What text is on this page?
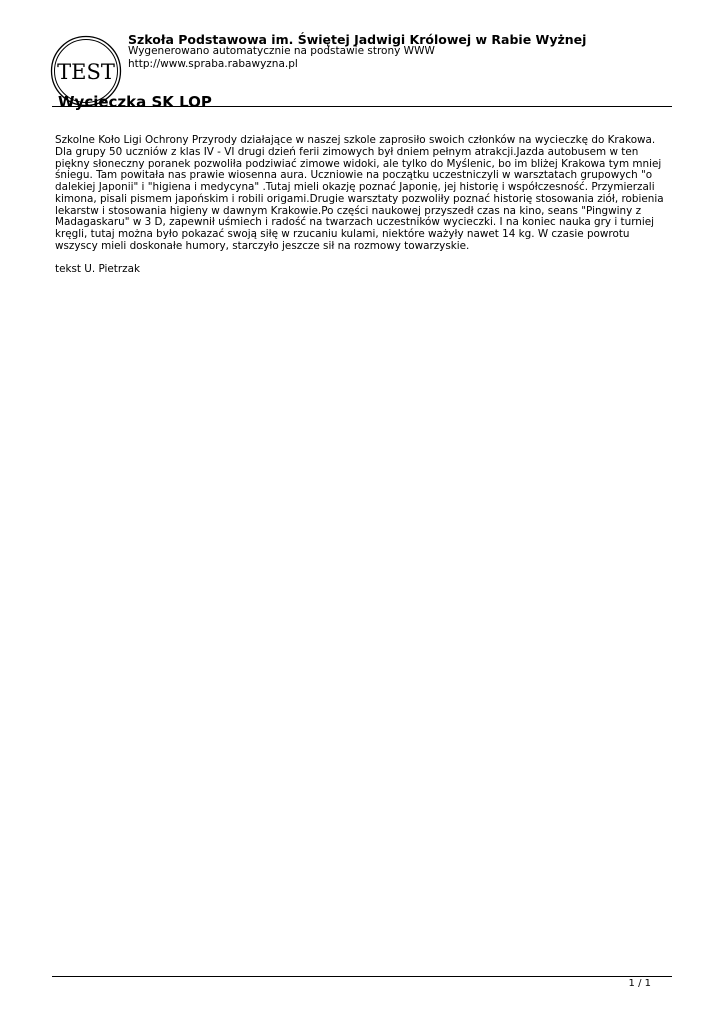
TEST
Szkoła Podstawowa im. Świętej Jadwigi Królowej w Rabie Wyżnej
Wygenerowano automatycznie na podstawie strony WWW
http://www.spraba.rabawyzna.pl
Wycieczka SK LOP

Szkolne Koło Ligi Ochrony Przyrody działające w naszej szkole zaprosiło swoich członków na wycieczkę do Krakowa. Dla grupy 50 uczniów z klas IV - VI drugi dzień ferii zimowych był dniem pełnym atrakcji.Jazda autobusem w ten piękny słoneczny poranek pozwoliła podziwiać zimowe widoki, ale tylko do Myślenic, bo im bliżej Krakowa tym mniej śniegu. Tam powitała nas prawie wiosenna aura. Uczniowie na początku uczestniczyli w warsztatach grupowych "o dalekiej Japonii" i "higiena i medycyna" .Tutaj mieli okazję poznać Japonię, jej historię i współczesność. Przymierzali kimona, pisali pismem japońskim i robili origami.Drugie warsztaty pozwoliły poznać historię stosowania ziół, robienia lekarstw i stosowania higieny w dawnym Krakowie.Po części naukowej przyszedł czas na kino, seans "Pingwiny z Madagaskaru" w 3 D, zapewnił uśmiech i radość na twarzach uczestników wycieczki. I na koniec nauka gry i turniej kręgli, tutaj można było pokazać swoją siłę w rzucaniu kulami, niektóre ważyły nawet 14 kg. W czasie powrotu wszyscy mieli doskonałe humory, starczyło jeszcze sił na rozmowy towarzyskie.

tekst U. Pietrzak

1 / 1
